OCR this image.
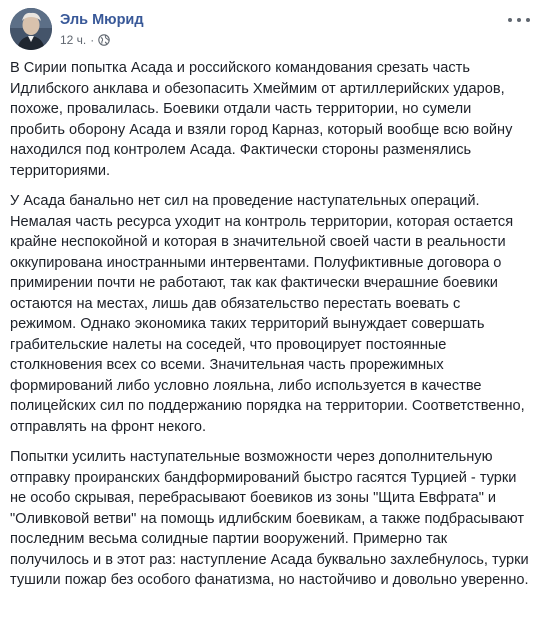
Эль Мюрид
12 ч. ·

В Сирии попытка Асада и российского командования срезать часть Идлибского анклава и обезопасить Хмеймим от артиллерийских ударов, похоже, провалилась. Боевики отдали часть территории, но сумели пробить оборону Асада и взяли город Карназ, который вообще всю войну находился под контролем Асада. Фактически стороны разменялись территориями.

У Асада банально нет сил на проведение наступательных операций. Немалая часть ресурса уходит на контроль территории, которая остается крайне неспокойной и которая в значительной своей части в реальности оккупирована иностранными интервентами. Полуфиктивные договора о примирении почти не работают, так как фактически вчерашние боевики остаются на местах, лишь дав обязательство перестать воевать с режимом. Однако экономика таких территорий вынуждает совершать грабительские налеты на соседей, что провоцирует постоянные столкновения всех со всеми. Значительная часть прорежимных формирований либо условно лояльна, либо используется в качестве полицейских сил по поддержанию порядка на территории. Соответственно, отправлять на фронт некого.

Попытки усилить наступательные возможности через дополнительную отправку проиранских бандформирований быстро гасятся Турцией - турки не особо скрывая, перебрасывают боевиков из зоны "Щита Евфрата" и "Оливковой ветви" на помощь идлибским боевикам, а также подбрасывают последним весьма солидные партии вооружений. Примерно так получилось и в этот раз: наступление Асада буквально захлебнулось, турки тушили пожар без особого фанатизма, но настойчиво и довольно уверенно.
